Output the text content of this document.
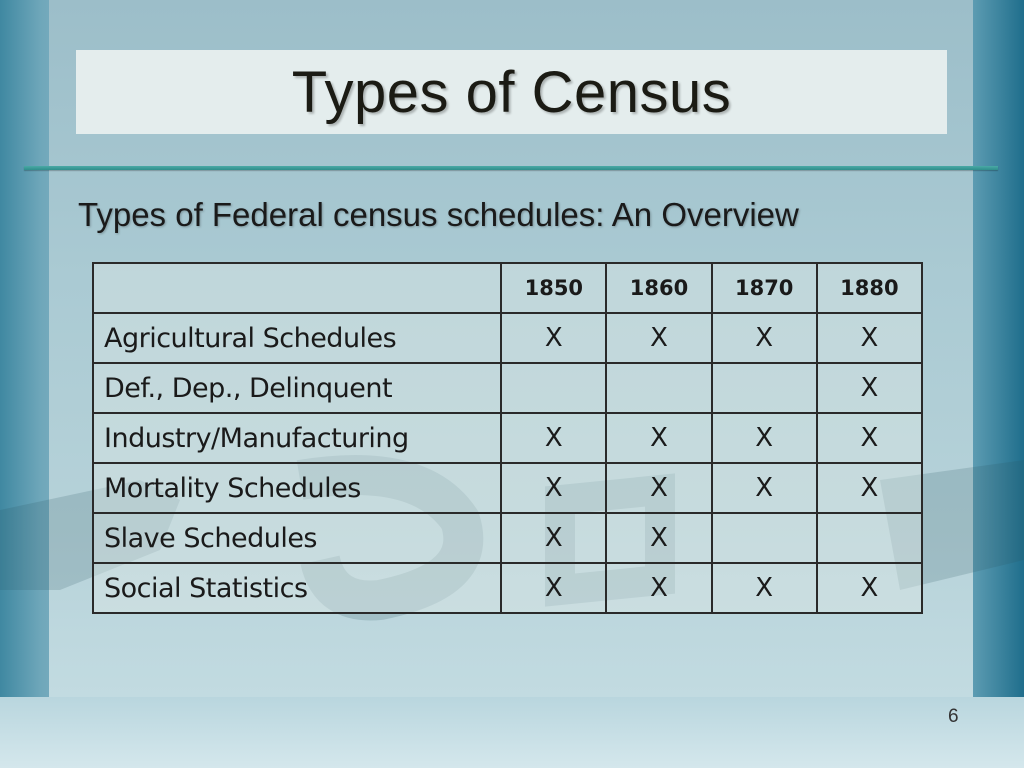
Types of Census
Types of Federal census schedules: An Overview
	1850	1860	1870	1880
Agricultural Schedules	X	X	X	X
Def., Dep., Delinquent				X
Industry/Manufacturing	X	X	X	X
Mortality Schedules	X	X	X	X
Slave Schedules	X	X		
Social Statistics	X	X	X	X
6
